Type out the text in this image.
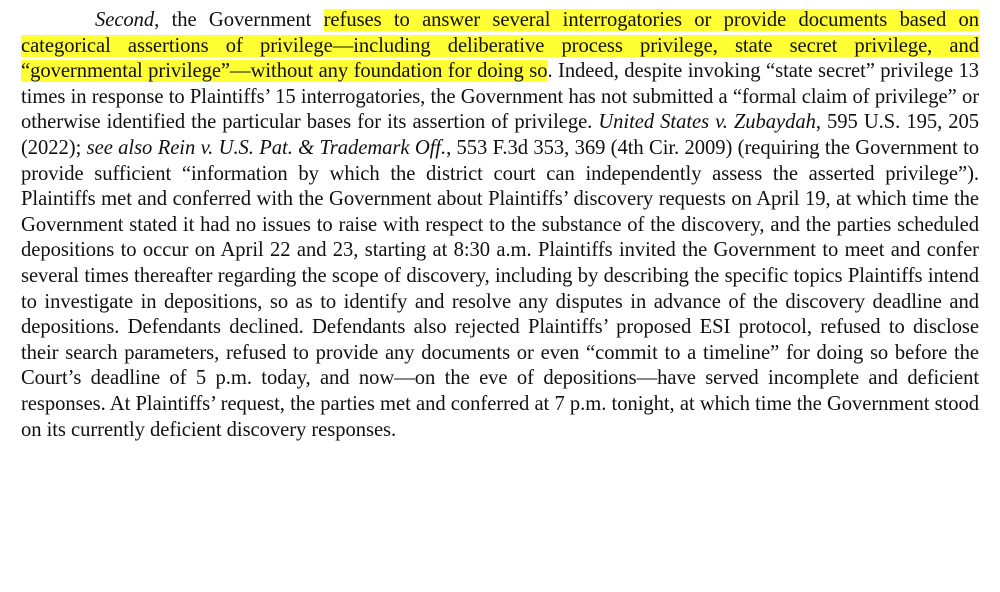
Second, the Government refuses to answer several interrogatories or provide documents based on categorical assertions of privilege—including deliberative process privilege, state secret privilege, and “governmental privilege”—without any foundation for doing so. Indeed, despite invoking “state secret” privilege 13 times in response to Plaintiffs’ 15 interrogatories, the Government has not submitted a “formal claim of privilege” or otherwise identified the particular bases for its assertion of privilege. United States v. Zubaydah, 595 U.S. 195, 205 (2022); see also Rein v. U.S. Pat. & Trademark Off., 553 F.3d 353, 369 (4th Cir. 2009) (requiring the Government to provide sufficient “information by which the district court can independently assess the asserted privilege”). Plaintiffs met and conferred with the Government about Plaintiffs’ discovery requests on April 19, at which time the Government stated it had no issues to raise with respect to the substance of the discovery, and the parties scheduled depositions to occur on April 22 and 23, starting at 8:30 a.m. Plaintiffs invited the Government to meet and confer several times thereafter regarding the scope of discovery, including by describing the specific topics Plaintiffs intend to investigate in depositions, so as to identify and resolve any disputes in advance of the discovery deadline and depositions. Defendants declined. Defendants also rejected Plaintiffs’ proposed ESI protocol, refused to disclose their search parameters, refused to provide any documents or even “commit to a timeline” for doing so before the Court’s deadline of 5 p.m. today, and now—on the eve of depositions—have served incomplete and deficient responses. At Plaintiffs’ request, the parties met and conferred at 7 p.m. tonight, at which time the Government stood on its currently deficient discovery responses.
